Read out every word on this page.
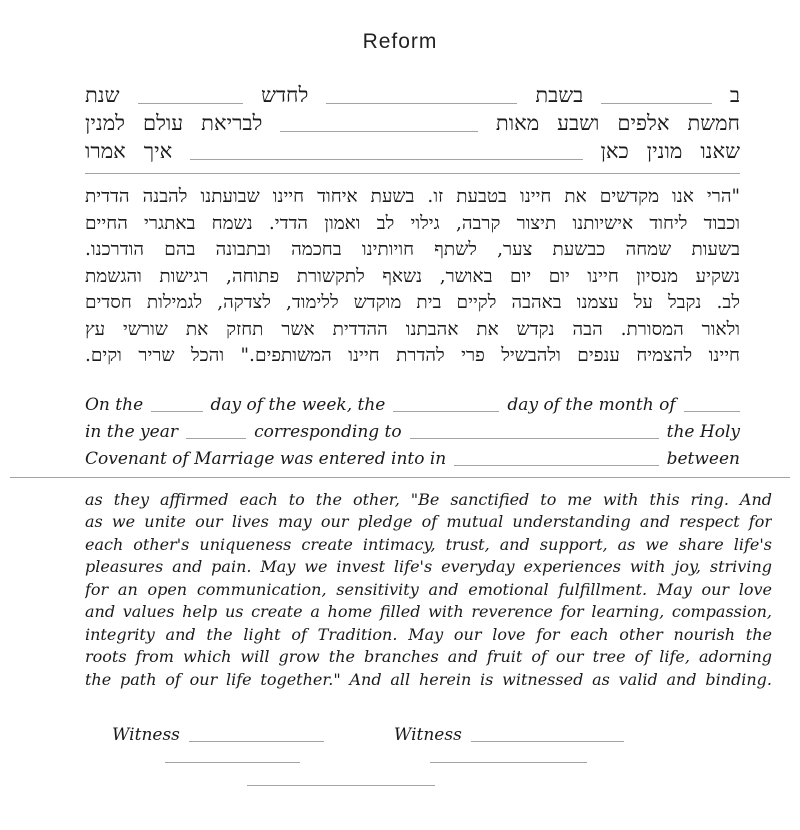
Reform
ב
בשבת
לחדש
שנת
חמשת
אלפים
ושבע
מאות
לבריאת
עולם
למנין
שאנו
מונין
כאן
איך
אמרו
"הרי אנו מקדשים את חיינו בטבעת זו. בשעת איחוד חיינו שבועתנו להבנה הדדית
וכבוד ליחוד אישיותנו תיצור קרבה, גילוי לב ואמון הדדי. נשמח באתגרי החיים
בשעות שמחה כבשעת צער, לשתף חויותינו בחכמה ובתבונה בהם הודרכנו.
נשקיע מנסיון חיינו יום יום באושר, נשאף לתקשורת פתוחה, רגישות והגשמת
לב. נקבל על עצמנו באהבה לקיים בית מוקדש ללימוד, לצדקה, לגמילות חסדים
ולאור המסורת. הבה נקדש את אהבתנו ההדדית אשר תחזק את שורשי עץ
חיינו להצמיח ענפים ולהבשיל פרי להדרת חיינו המשותפים." והכל שריר וקים.
On the	day of the week, the	day of the month of
in the year	corresponding to	the Holy
Covenant of Marriage was entered into in	between
as they affirmed each to the other, "Be sanctified to me with this ring. And
as we unite our lives may our pledge of mutual understanding and respect for
each other's uniqueness create intimacy, trust, and support, as we share life's
pleasures and pain. May we invest life's everyday experiences with joy, striving
for an open communication, sensitivity and emotional fulfillment. May our love
and values help us create a home filled with reverence for learning, compassion,
integrity and the light of Tradition. May our love for each other nourish the
roots from which will grow the branches and fruit of our tree of life, adorning
the path of our life together." And all herein is witnessed as valid and binding.
Witness	Witness
